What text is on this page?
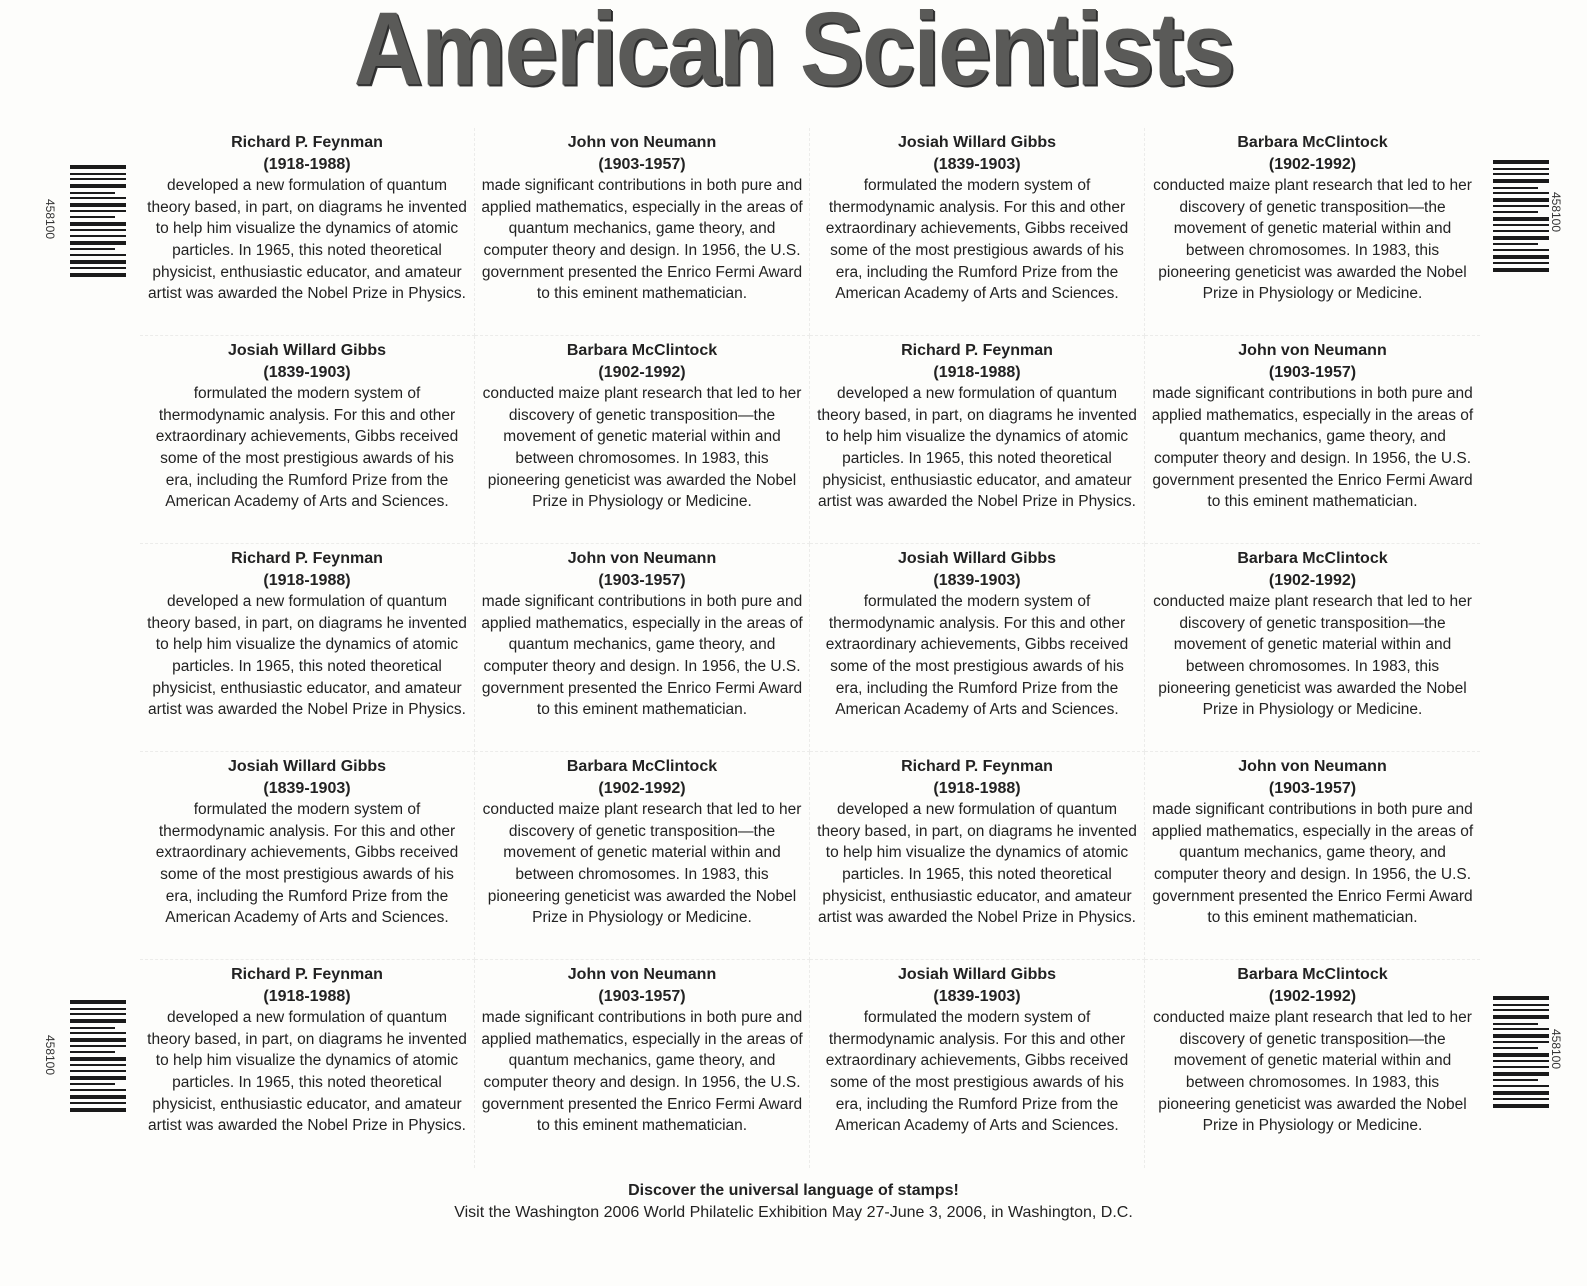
American Scientists
Richard P. Feynman
(1918-1988)
developed a new formulation of quantum theory based, in part, on diagrams he invented to help him visualize the dynamics of atomic particles. In 1965, this noted theoretical physicist, enthusiastic educator, and amateur artist was awarded the Nobel Prize in Physics.
John von Neumann
(1903-1957)
made significant contributions in both pure and applied mathematics, especially in the areas of quantum mechanics, game theory, and computer theory and design. In 1956, the U.S. government presented the Enrico Fermi Award to this eminent mathematician.
Josiah Willard Gibbs
(1839-1903)
formulated the modern system of thermodynamic analysis. For this and other extraordinary achievements, Gibbs received some of the most prestigious awards of his era, including the Rumford Prize from the American Academy of Arts and Sciences.
Barbara McClintock
(1902-1992)
conducted maize plant research that led to her discovery of genetic transposition—the movement of genetic material within and between chromosomes. In 1983, this pioneering geneticist was awarded the Nobel Prize in Physiology or Medicine.
Josiah Willard Gibbs
(1839-1903)
formulated the modern system of thermodynamic analysis. For this and other extraordinary achievements, Gibbs received some of the most prestigious awards of his era, including the Rumford Prize from the American Academy of Arts and Sciences.
Barbara McClintock
(1902-1992)
conducted maize plant research that led to her discovery of genetic transposition—the movement of genetic material within and between chromosomes. In 1983, this pioneering geneticist was awarded the Nobel Prize in Physiology or Medicine.
Richard P. Feynman
(1918-1988)
developed a new formulation of quantum theory based, in part, on diagrams he invented to help him visualize the dynamics of atomic particles. In 1965, this noted theoretical physicist, enthusiastic educator, and amateur artist was awarded the Nobel Prize in Physics.
John von Neumann
(1903-1957)
made significant contributions in both pure and applied mathematics, especially in the areas of quantum mechanics, game theory, and computer theory and design. In 1956, the U.S. government presented the Enrico Fermi Award to this eminent mathematician.
Richard P. Feynman
(1918-1988)
developed a new formulation of quantum theory based, in part, on diagrams he invented to help him visualize the dynamics of atomic particles. In 1965, this noted theoretical physicist, enthusiastic educator, and amateur artist was awarded the Nobel Prize in Physics.
John von Neumann
(1903-1957)
made significant contributions in both pure and applied mathematics, especially in the areas of quantum mechanics, game theory, and computer theory and design. In 1956, the U.S. government presented the Enrico Fermi Award to this eminent mathematician.
Josiah Willard Gibbs
(1839-1903)
formulated the modern system of thermodynamic analysis. For this and other extraordinary achievements, Gibbs received some of the most prestigious awards of his era, including the Rumford Prize from the American Academy of Arts and Sciences.
Barbara McClintock
(1902-1992)
conducted maize plant research that led to her discovery of genetic transposition—the movement of genetic material within and between chromosomes. In 1983, this pioneering geneticist was awarded the Nobel Prize in Physiology or Medicine.
Josiah Willard Gibbs
(1839-1903)
formulated the modern system of thermodynamic analysis. For this and other extraordinary achievements, Gibbs received some of the most prestigious awards of his era, including the Rumford Prize from the American Academy of Arts and Sciences.
Barbara McClintock
(1902-1992)
conducted maize plant research that led to her discovery of genetic transposition—the movement of genetic material within and between chromosomes. In 1983, this pioneering geneticist was awarded the Nobel Prize in Physiology or Medicine.
Richard P. Feynman
(1918-1988)
developed a new formulation of quantum theory based, in part, on diagrams he invented to help him visualize the dynamics of atomic particles. In 1965, this noted theoretical physicist, enthusiastic educator, and amateur artist was awarded the Nobel Prize in Physics.
John von Neumann
(1903-1957)
made significant contributions in both pure and applied mathematics, especially in the areas of quantum mechanics, game theory, and computer theory and design. In 1956, the U.S. government presented the Enrico Fermi Award to this eminent mathematician.
Richard P. Feynman
(1918-1988)
developed a new formulation of quantum theory based, in part, on diagrams he invented to help him visualize the dynamics of atomic particles. In 1965, this noted theoretical physicist, enthusiastic educator, and amateur artist was awarded the Nobel Prize in Physics.
John von Neumann
(1903-1957)
made significant contributions in both pure and applied mathematics, especially in the areas of quantum mechanics, game theory, and computer theory and design. In 1956, the U.S. government presented the Enrico Fermi Award to this eminent mathematician.
Josiah Willard Gibbs
(1839-1903)
formulated the modern system of thermodynamic analysis. For this and other extraordinary achievements, Gibbs received some of the most prestigious awards of his era, including the Rumford Prize from the American Academy of Arts and Sciences.
Barbara McClintock
(1902-1992)
conducted maize plant research that led to her discovery of genetic transposition—the movement of genetic material within and between chromosomes. In 1983, this pioneering geneticist was awarded the Nobel Prize in Physiology or Medicine.
458100	458100
458100	458100
Discover the universal language of stamps!
Visit the Washington 2006 World Philatelic Exhibition May 27-June 3, 2006, in Washington, D.C.
